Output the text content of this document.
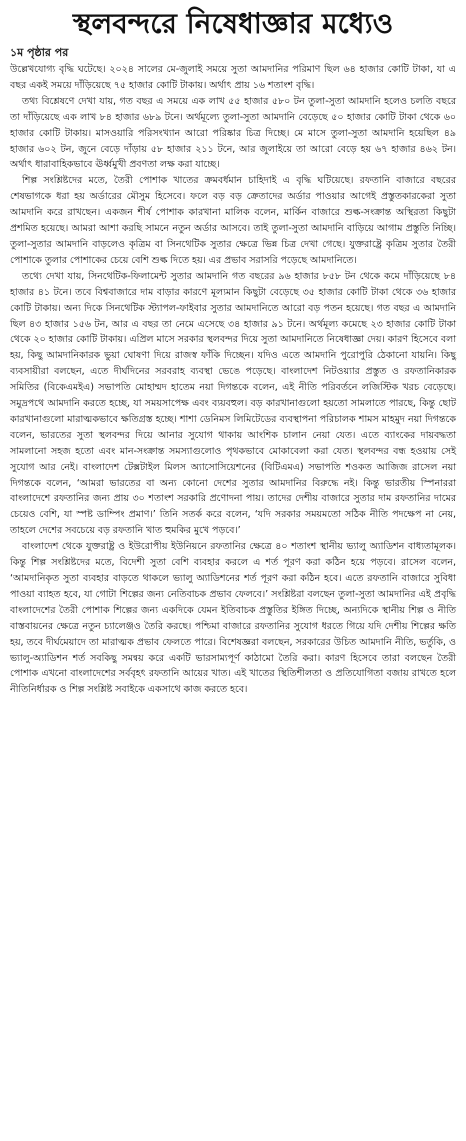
স্থলবন্দরে নিষেধাজ্ঞার মধ্যেও
১ম পৃষ্ঠার পর

উল্লেখযোগ্য বৃদ্ধি ঘটেছে। ২০২৪ সালের মে-জুলাই সময়ে সুতা আমদানির পরিমাণ ছিল ৬৪ হাজার কোটি টাকা, যা এ বছর একই সময়ে দাঁড়িয়েছে ৭৫ হাজার কোটি টাকায়। অর্থাৎ প্রায় ১৬ শতাংশ বৃদ্ধি।

তথ্য বিশ্লেষণে দেখা যায়, গত বছর এ সময়ে এক লাখ ৫৫ হাজার ৫৮০ টন তুলা-সুতা আমদানি হলেও চলতি বছরে তা দাঁড়িয়েছে এক লাখ ৮৪ হাজার ৬৮৯ টনে। অর্থমূল্যে তুলা-সুতা আমদানি বেড়েছে ৫০ হাজার কোটি টাকা থেকে ৬০ হাজার কোটি টাকায়। মাসওয়ারি পরিসংখ্যান আরো পরিষ্কার চিত্র দিচ্ছে। মে মাসে তুলা-সুতা আমদানি হয়েছিল ৪৯ হাজার ৬০২ টন, জুনে বেড়ে দাঁড়ায় ৫৮ হাজার ২১১ টনে, আর জুলাইয়ে তা আরো বেড়ে হয় ৬৭ হাজার ৪৬২ টন। অর্থাৎ ধারাবাহিকভাবে ঊর্ধ্বমুখী প্রবণতা লক্ষ করা যাচ্ছে।

শিল্প সংশ্লিষ্টদের মতে, তৈরী পোশাক খাতের ক্রমবর্ধমান চাহিদাই এ বৃদ্ধি ঘটিয়েছে। রফতানি বাজারে বছরের শেষভাগকে ধরা হয় অর্ডারের মৌসুম হিসেবে। ফলে বড় বড় ক্রেতাদের অর্ডার পাওয়ার আগেই প্রস্তুতকারকেরা সুতা আমদানি করে রাখছেন। একজন শীর্ষ পোশাক কারখানা মালিক বলেন, মার্কিন বাজারে শুল্ক-সংক্রান্ত অস্থিরতা কিছুটা প্রশমিত হয়েছে। আমরা আশা করছি সামনে নতুন অর্ডার আসবে। তাই তুলা-সুতা আমদানি বাড়িয়ে আগাম প্রস্তুতি নিচ্ছি। তুলা-সুতার আমদানি বাড়লেও কৃত্রিম বা সিনথেটিক সুতার ক্ষেত্রে ভিন্ন চিত্র দেখা গেছে। যুক্তরাষ্ট্রে কৃত্রিম সুতার তৈরী পোশাকে তুলার পোশাকের চেয়ে বেশি শুল্ক দিতে হয়। এর প্রভাব সরাসরি পড়েছে আমদানিতে।

তথ্যে দেখা যায়, সিনথেটিক-ফিলামেন্ট সুতার আমদানি গত বছরের ৯৬ হাজার ৮৫৮ টন থেকে কমে দাঁড়িয়েছে ৮৪ হাজার ৪১ টনে। তবে বিশ্ববাজারে দাম বাড়ার কারণে মূল্যমান কিছুটা বেড়েছে ৩৫ হাজার কোটি টাকা থেকে ৩৬ হাজার কোটি টাকায়। অন্য দিকে সিনথেটিক স্ট্যাপল-ফাইবার সুতার আমদানিতে আরো বড় পতন হয়েছে। গত বছর এ আমদানি ছিল ৪৩ হাজার ১৫৬ টন, আর এ বছর তা নেমে এসেছে ৩৪ হাজার ৯১ টনে। অর্থমূল্য কমেছে ২৩ হাজার কোটি টাকা থেকে ২০ হাজার কোটি টাকায়। এপ্রিল মাসে সরকার স্থলবন্দর দিয়ে সুতা আমদানিতে নিষেধাজ্ঞা দেয়। কারণ হিসেবে বলা হয়, কিছু আমদানিকারক ভুয়া ঘোষণা দিয়ে রাজস্ব ফাঁকি দিচ্ছেন। যদিও এতে আমদানি পুরোপুরি ঠেকানো যায়নি। কিছু ব্যবসায়ীরা বলছেন, এতে দীর্ঘদিনের সরবরাহ ব্যবস্থা ভেঙে পড়েছে। বাংলাদেশ নিটওয়্যার প্রস্তুত ও রফতানিকারক সমিতির (বিকেএমইএ) সভাপতি মোহাম্মদ হাতেম নয়া দিগন্তকে বলেন, এই নীতি পরিবর্তনে লজিস্টিক খরচ বেড়েছে। সমুদ্রপথে আমদানি করতে হচ্ছে, যা সময়সাপেক্ষ এবং ব্যয়বহুল। বড় কারখানাগুলো হয়তো সামলাতে পারছে, কিন্তু ছোট কারখানাগুলো মারাত্মকভাবে ক্ষতিগ্রস্ত হচ্ছে। শাশা ডেনিমস লিমিটেডের ব্যবস্থাপনা পরিচালক শামস মাহমুদ নয়া দিগন্তকে বলেন, ভারতের সুতা স্থলবন্দর দিয়ে আনার সুযোগ থাকায় আংশিক চালান নেয়া যেত। এতে ব্যাংকের দায়বদ্ধতা সামলানো সহজ হতো এবং মান-সংক্রান্ত সমস্যাগুলোও পৃথকভাবে মোকাবেলা করা যেত। স্থলবন্দর বন্ধ হওয়ায় সেই সুযোগ আর নেই। বাংলাদেশ টেক্সটাইল মিলস অ্যাসোসিয়েশনের (বিটিএমএ) সভাপতি শওকত আজিজ রাসেল নয়া দিগন্তকে বলেন, ‘আমরা ভারতের বা অন্য কোনো দেশের সুতার আমদানির বিরুদ্ধে নই। কিন্তু ভারতীয় স্পিনাররা বাংলাদেশে রফতানির জন্য প্রায় ৩০ শতাংশ সরকারি প্রণোদনা পায়। তাদের দেশীয় বাজারে সুতার দাম রফতানির দামের চেয়েও বেশি, যা স্পষ্ট ডাম্পিং প্রমাণ।’ তিনি সতর্ক করে বলেন, ‘যদি সরকার সময়মতো সঠিক নীতি পদক্ষেপ না নেয়, তাহলে দেশের সবচেয়ে বড় রফতানি খাত হুমকির মুখে পড়বে।’

বাংলাদেশ থেকে যুক্তরাষ্ট্র ও ইউরোপীয় ইউনিয়নে রফতানির ক্ষেত্রে ৪০ শতাংশ স্থানীয় ভ্যালু অ্যাডিশন বাধ্যতামূলক। কিন্তু শিল্প সংশ্লিষ্টদের মতে, বিদেশী সুতা বেশি ব্যবহার করলে এ শর্ত পূরণ করা কঠিন হয়ে পড়বে। রাসেল বলেন, ‘আমদানিকৃত সুতা ব্যবহার বাড়তে থাকলে ভ্যালু অ্যাডিশনের শর্ত পূরণ করা কঠিন হবে। এতে রফতানি বাজারে সুবিধা পাওয়া ব্যাহত হবে, যা গোটা শিল্পের জন্য নেতিবাচক প্রভাব ফেলবে।’ সংশ্লিষ্টরা বলছেন তুলা-সুতা আমদানির এই প্রবৃদ্ধি বাংলাদেশের তৈরী পোশাক শিল্পের জন্য একদিকে যেমন ইতিবাচক প্রস্তুতির ইঙ্গিত দিচ্ছে, অন্যদিকে স্থানীয় শিল্প ও নীতি বাস্তবায়নের ক্ষেত্রে নতুন চ্যালেঞ্জও তৈরি করছে। পশ্চিমা বাজারে রফতানির সুযোগ ধরতে গিয়ে যদি দেশীয় শিল্পের ক্ষতি হয়, তবে দীর্ঘমেয়াদে তা মারাত্মক প্রভাব ফেলতে পারে। বিশেষজ্ঞরা বলছেন, সরকারের উচিত আমদানি নীতি, ভর্তুকি, ও ভ্যালু-অ্যাডিশন শর্ত সবকিছু সমন্বয় করে একটি ভারসাম্যপূর্ণ কাঠামো তৈরি করা। কারণ হিসেবে তারা বলছেন তৈরী পোশাক এখনো বাংলাদেশের সর্ববৃহৎ রফতানি আয়ের খাত। এই খাতের স্থিতিশীলতা ও প্রতিযোগিতা বজায় রাখতে হলে নীতিনির্ধারক ও শিল্প সংশ্লিষ্ট সবাইকে একসাথে কাজ করতে হবে।
